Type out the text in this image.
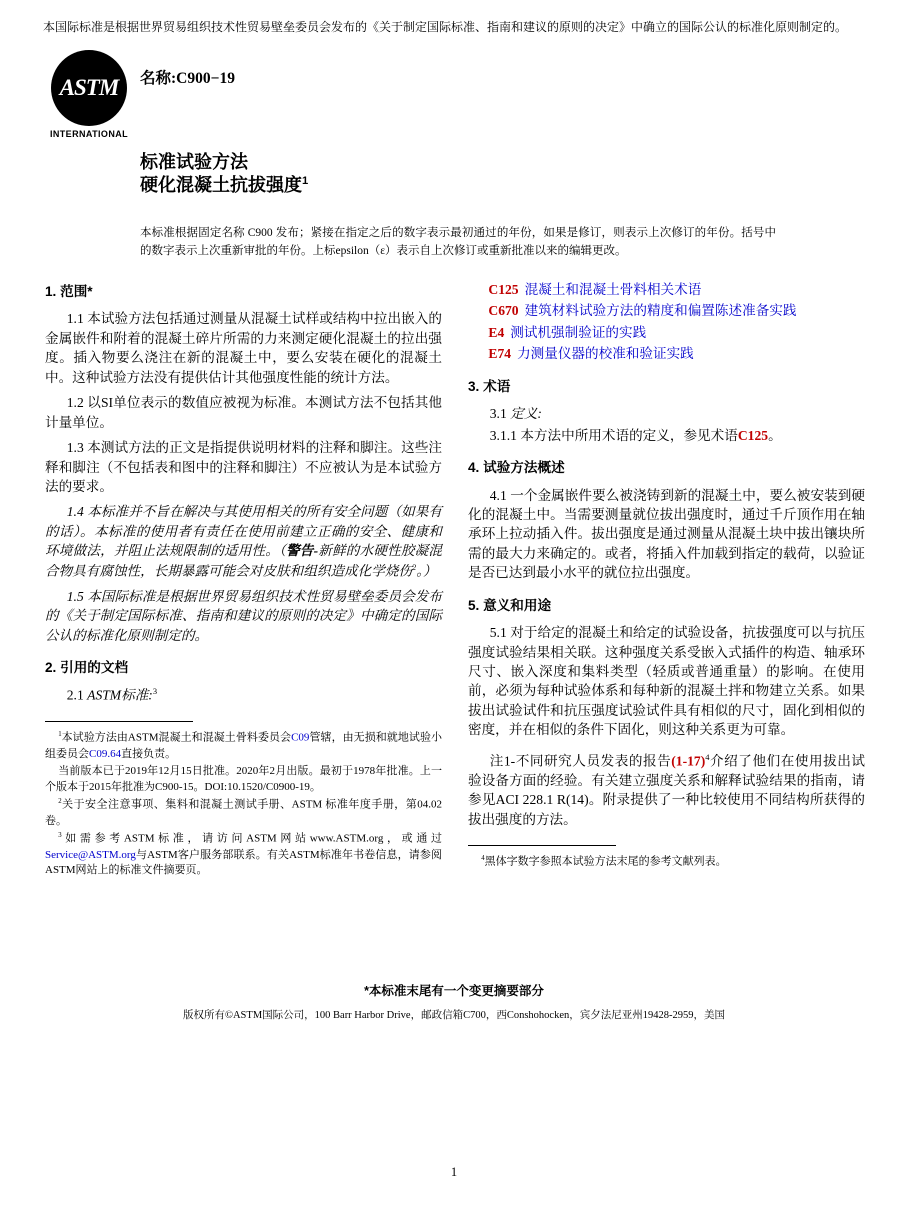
本国际标准是根据世界贸易组织技术性贸易壁垒委员会发布的《关于制定国际标准、指南和建议的原则的决定》中确立的国际公认的标准化原则制定的。
ASTM
INTERNATIONAL
名称:C900−19
标准试验方法
硬化混凝土抗拔强度$^1$
本标准根据固定名称 C900 发布；紧接在指定之后的数字表示最初通过的年份，如果是修订，则表示上次修订的年份。括号中的数字表示上次重新审批的年份。上标epsilon（ε）表示自上次修订或重新批准以来的编辑更改。
1. 范围*

1.1 本试验方法包括通过测量从混凝土试样或结构中拉出嵌入的金属嵌件和附着的混凝土碎片所需的力来测定硬化混凝土的拉出强度。插入物要么浇注在新的混凝土中，要么安装在硬化的混凝土中。这种试验方法没有提供估计其他强度性能的统计方法。

1.2 以SI单位表示的数值应被视为标准。本测试方法不包括其他计量单位。

1.3 本测试方法的正文是指提供说明材料的注释和脚注。这些注释和脚注（不包括表和图中的注释和脚注）不应被认为是本试验方法的要求。

1.4 本标准并不旨在解决与其使用相关的所有安全问题（如果有的话）。本标准的使用者有责任在使用前建立正确的安全、健康和环境做法，并阻止法规限制的适用性。（警告-新鲜的水硬性胶凝混合物具有腐蚀性，长期暴露可能会对皮肤和组织造成化学烧伤$^2$。）

1.5 本国际标准是根据世界贸易组织技术性贸易壁垒委员会发布的《关于制定国际标准、指南和建议的原则的决定》中确定的国际公认的标准化原则制定的。

2. 引用的文档

2.1 ASTM标准:$^3$

$^1$本试验方法由ASTM混凝土和混凝土骨料委员会C09管辖，由无损和就地试验小组委员会C09.64直接负责。

当前版本已于2019年12月15日批准。2020年2月出版。最初于1978年批准。上一个版本于2015年批准为C900-15。DOI:10.1520/C0900-19。

$^2$关于安全注意事项、集料和混凝土测试手册、ASTM 标准年度手册，第04.02卷。

$^3$如需参考ASTM标准，请访问ASTM网站www.ASTM.org，或通过Service@ASTM.org与ASTM客户服务部联系。有关ASTM标准年书卷信息，请参阅ASTM网站上的标准文件摘要页。

C125 混凝土和混凝土骨料相关术语

C670 建筑材料试验方法的精度和偏置陈述准备实践

E4 测试机强制验证的实践

E74 力测量仪器的校准和验证实践

3. 术语

3.1 定义:

3.1.1 本方法中所用术语的定义，参见术语C125。

4. 试验方法概述

4.1 一个金属嵌件要么被浇铸到新的混凝土中，要么被安装到硬化的混凝土中。当需要测量就位拔出强度时，通过千斤顶作用在轴承环上拉动插入件。拔出强度是通过测量从混凝土块中拔出镶块所需的最大力来确定的。或者，将插入件加载到指定的载荷，以验证是否已达到最小水平的就位拉出强度。

5. 意义和用途

5.1 对于给定的混凝土和给定的试验设备，抗拔强度可以与抗压强度试验结果相关联。这种强度关系受嵌入式插件的构造、轴承环尺寸、嵌入深度和集料类型（轻质或普通重量）的影响。在使用前，必须为每种试验体系和每种新的混凝土拌和物建立关系。如果拔出试验试件和抗压强度试验试件具有相似的尺寸，固化到相似的密度，并在相似的条件下固化，则这种关系更为可靠。

注1-不同研究人员发表的报告$(1-17)^4$介绍了他们在使用拔出试验设备方面的经验。有关建立强度关系和解释试验结果的指南，请参见ACI 228.1 R(14)。附录提供了一种比较使用不同结构所获得的拔出强度的方法。

$^4$黑体字数字参照本试验方法末尾的参考文献列表。

*本标准末尾有一个变更摘要部分
版权所有©ASTM国际公司，100 Barr Harbor Drive，邮政信箱C700，西Conshohocken，宾夕法尼亚州19428-2959，美国
1
